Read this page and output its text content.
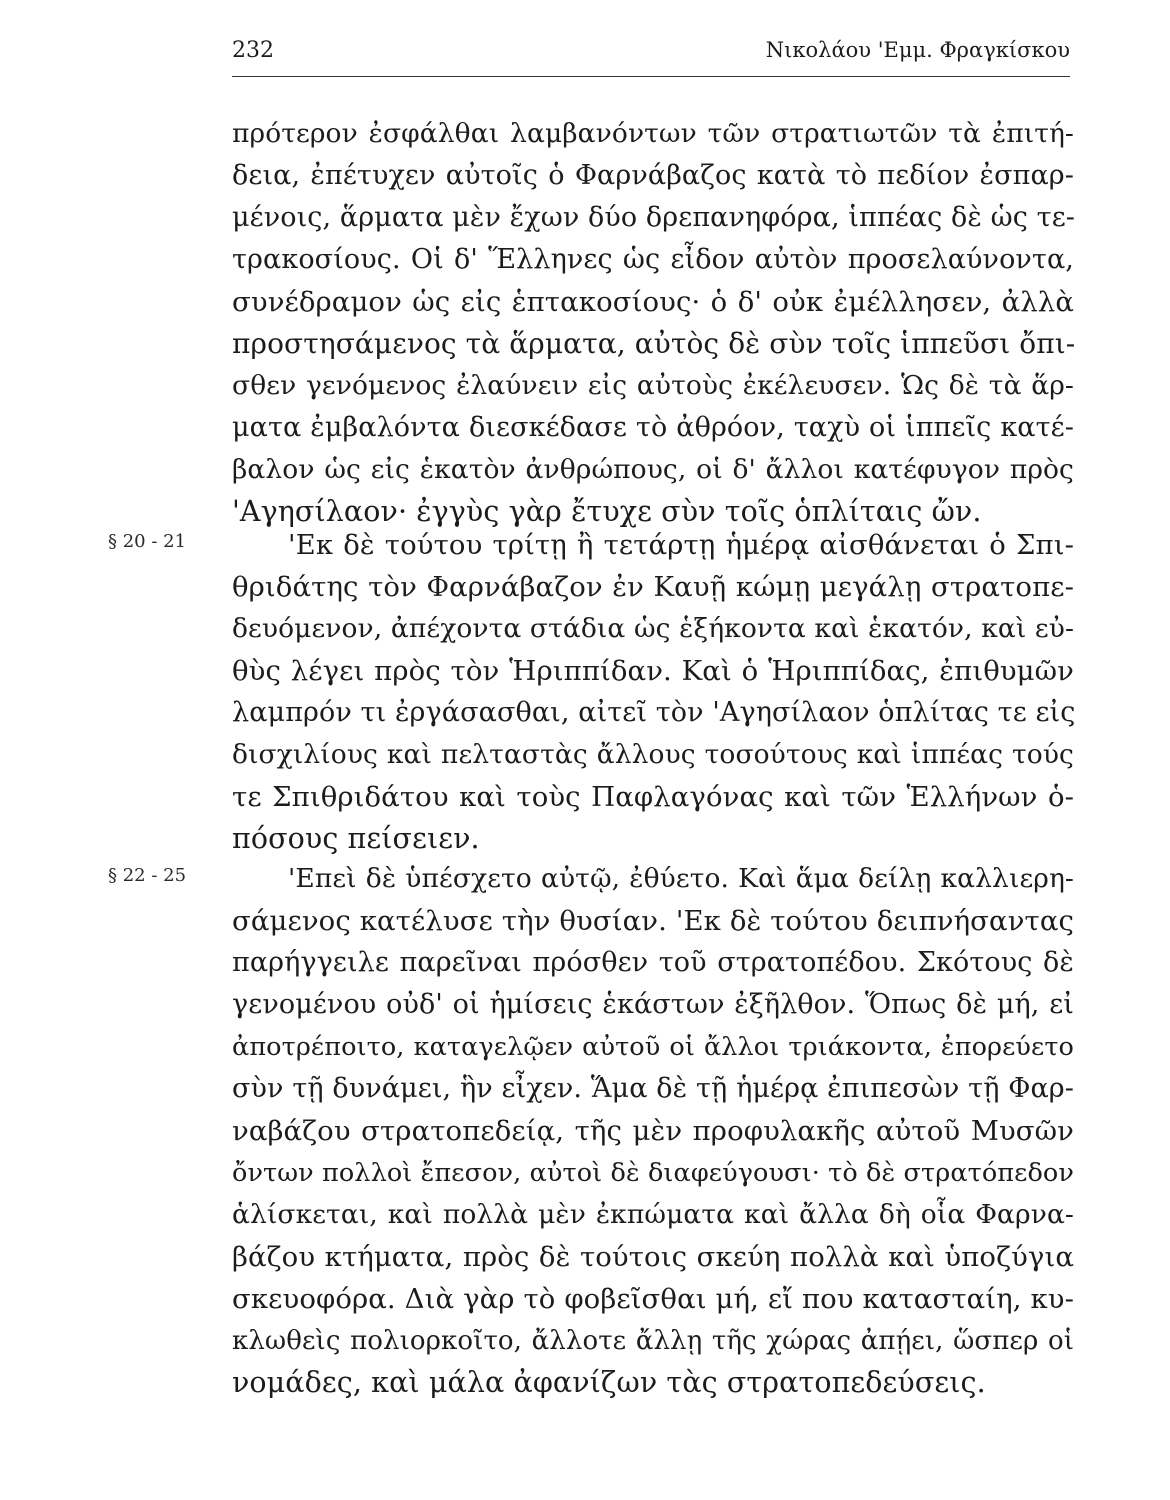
232	Νικολάου 'Εμμ. Φραγκίσκου
§ 20 - 21
§ 22 - 25
πρότερον ἐσφάλθαι λαμβανόντων τῶν στρατιωτῶν τὰ ἐπιτή-
δεια, ἐπέτυχεν αὐτοῖς ὁ Φαρνάβαζος κατὰ τὸ πεδίον ἐσπαρ-
μένοις, ἅρματα μὲν ἔχων δύο δρεπανηφόρα, ἱππέας δὲ ὡς τε-
τρακοσίους. Οἱ δ' Ἕλληνες ὡς εἶδον αὐτὸν προσελαύνοντα,
συνέδραμον ὡς εἰς ἑπτακοσίους· ὁ δ' οὐκ ἐμέλλησεν, ἀλλὰ
προστησάμενος τὰ ἅρματα, αὐτὸς δὲ σὺν τοῖς ἱππεῦσι ὄπι-
σθεν γενόμενος ἐλαύνειν εἰς αὐτοὺς ἐκέλευσεν. Ὡς δὲ τὰ ἅρ-
ματα ἐμβαλόντα διεσκέδασε τὸ ἀθρόον, ταχὺ οἱ ἱππεῖς κατέ-
βαλον ὡς εἰς ἑκατὸν ἀνθρώπους, οἱ δ' ἄλλοι κατέφυγον πρὸς
'Αγησίλαον· ἐγγὺς γὰρ ἔτυχε σὺν τοῖς ὁπλίταις ὤν.
'Εκ δὲ τούτου τρίτῃ ἢ τετάρτῃ ἡμέρᾳ αἰσθάνεται ὁ Σπι-
θριδάτης τὸν Φαρνάβαζον ἐν Καυῇ κώμῃ μεγάλῃ στρατοπε-
δευόμενον, ἀπέχοντα στάδια ὡς ἑξήκοντα καὶ ἑκατόν, καὶ εὐ-
θὺς λέγει πρὸς τὸν Ἡριππίδαν. Καὶ ὁ Ἡριππίδας, ἐπιθυμῶν
λαμπρόν τι ἐργάσασθαι, αἰτεῖ τὸν 'Αγησίλαον ὁπλίτας τε εἰς
δισχιλίους καὶ πελταστὰς ἄλλους τοσούτους καὶ ἱππέας τούς
τε Σπιθριδάτου καὶ τοὺς Παφλαγόνας καὶ τῶν Ἑλλήνων ὁ-
πόσους πείσειεν.
'Επεὶ δὲ ὑπέσχετο αὐτῷ, ἐθύετο. Καὶ ἅμα δείλῃ καλλιερη-
σάμενος κατέλυσε τὴν θυσίαν. 'Εκ δὲ τούτου δειπνήσαντας
παρήγγειλε παρεῖναι πρόσθεν τοῦ στρατοπέδου. Σκότους δὲ
γενομένου οὐδ' οἱ ἡμίσεις ἑκάστων ἐξῆλθον. Ὅπως δὲ μή, εἰ
ἀποτρέποιτο, καταγελῷεν αὐτοῦ οἱ ἄλλοι τριάκοντα, ἐπορεύετο
σὺν τῇ δυνάμει, ἣν εἶχεν. Ἅμα δὲ τῇ ἡμέρᾳ ἐπιπεσὼν τῇ Φαρ-
ναβάζου στρατοπεδείᾳ, τῆς μὲν προφυλακῆς αὐτοῦ Μυσῶν
ὄντων πολλοὶ ἔπεσον, αὐτοὶ δὲ διαφεύγουσι· τὸ δὲ στρατόπεδον
ἁλίσκεται, καὶ πολλὰ μὲν ἐκπώματα καὶ ἄλλα δὴ οἷα Φαρνα-
βάζου κτήματα, πρὸς δὲ τούτοις σκεύη πολλὰ καὶ ὑποζύγια
σκευοφόρα. Διὰ γὰρ τὸ φοβεῖσθαι μή, εἴ που κατασταίη, κυ-
κλωθεὶς πολιορκοῖτο, ἄλλοτε ἄλλῃ τῆς χώρας ἀπῄει, ὥσπερ οἱ
νομάδες, καὶ μάλα ἀφανίζων τὰς στρατοπεδεύσεις.
